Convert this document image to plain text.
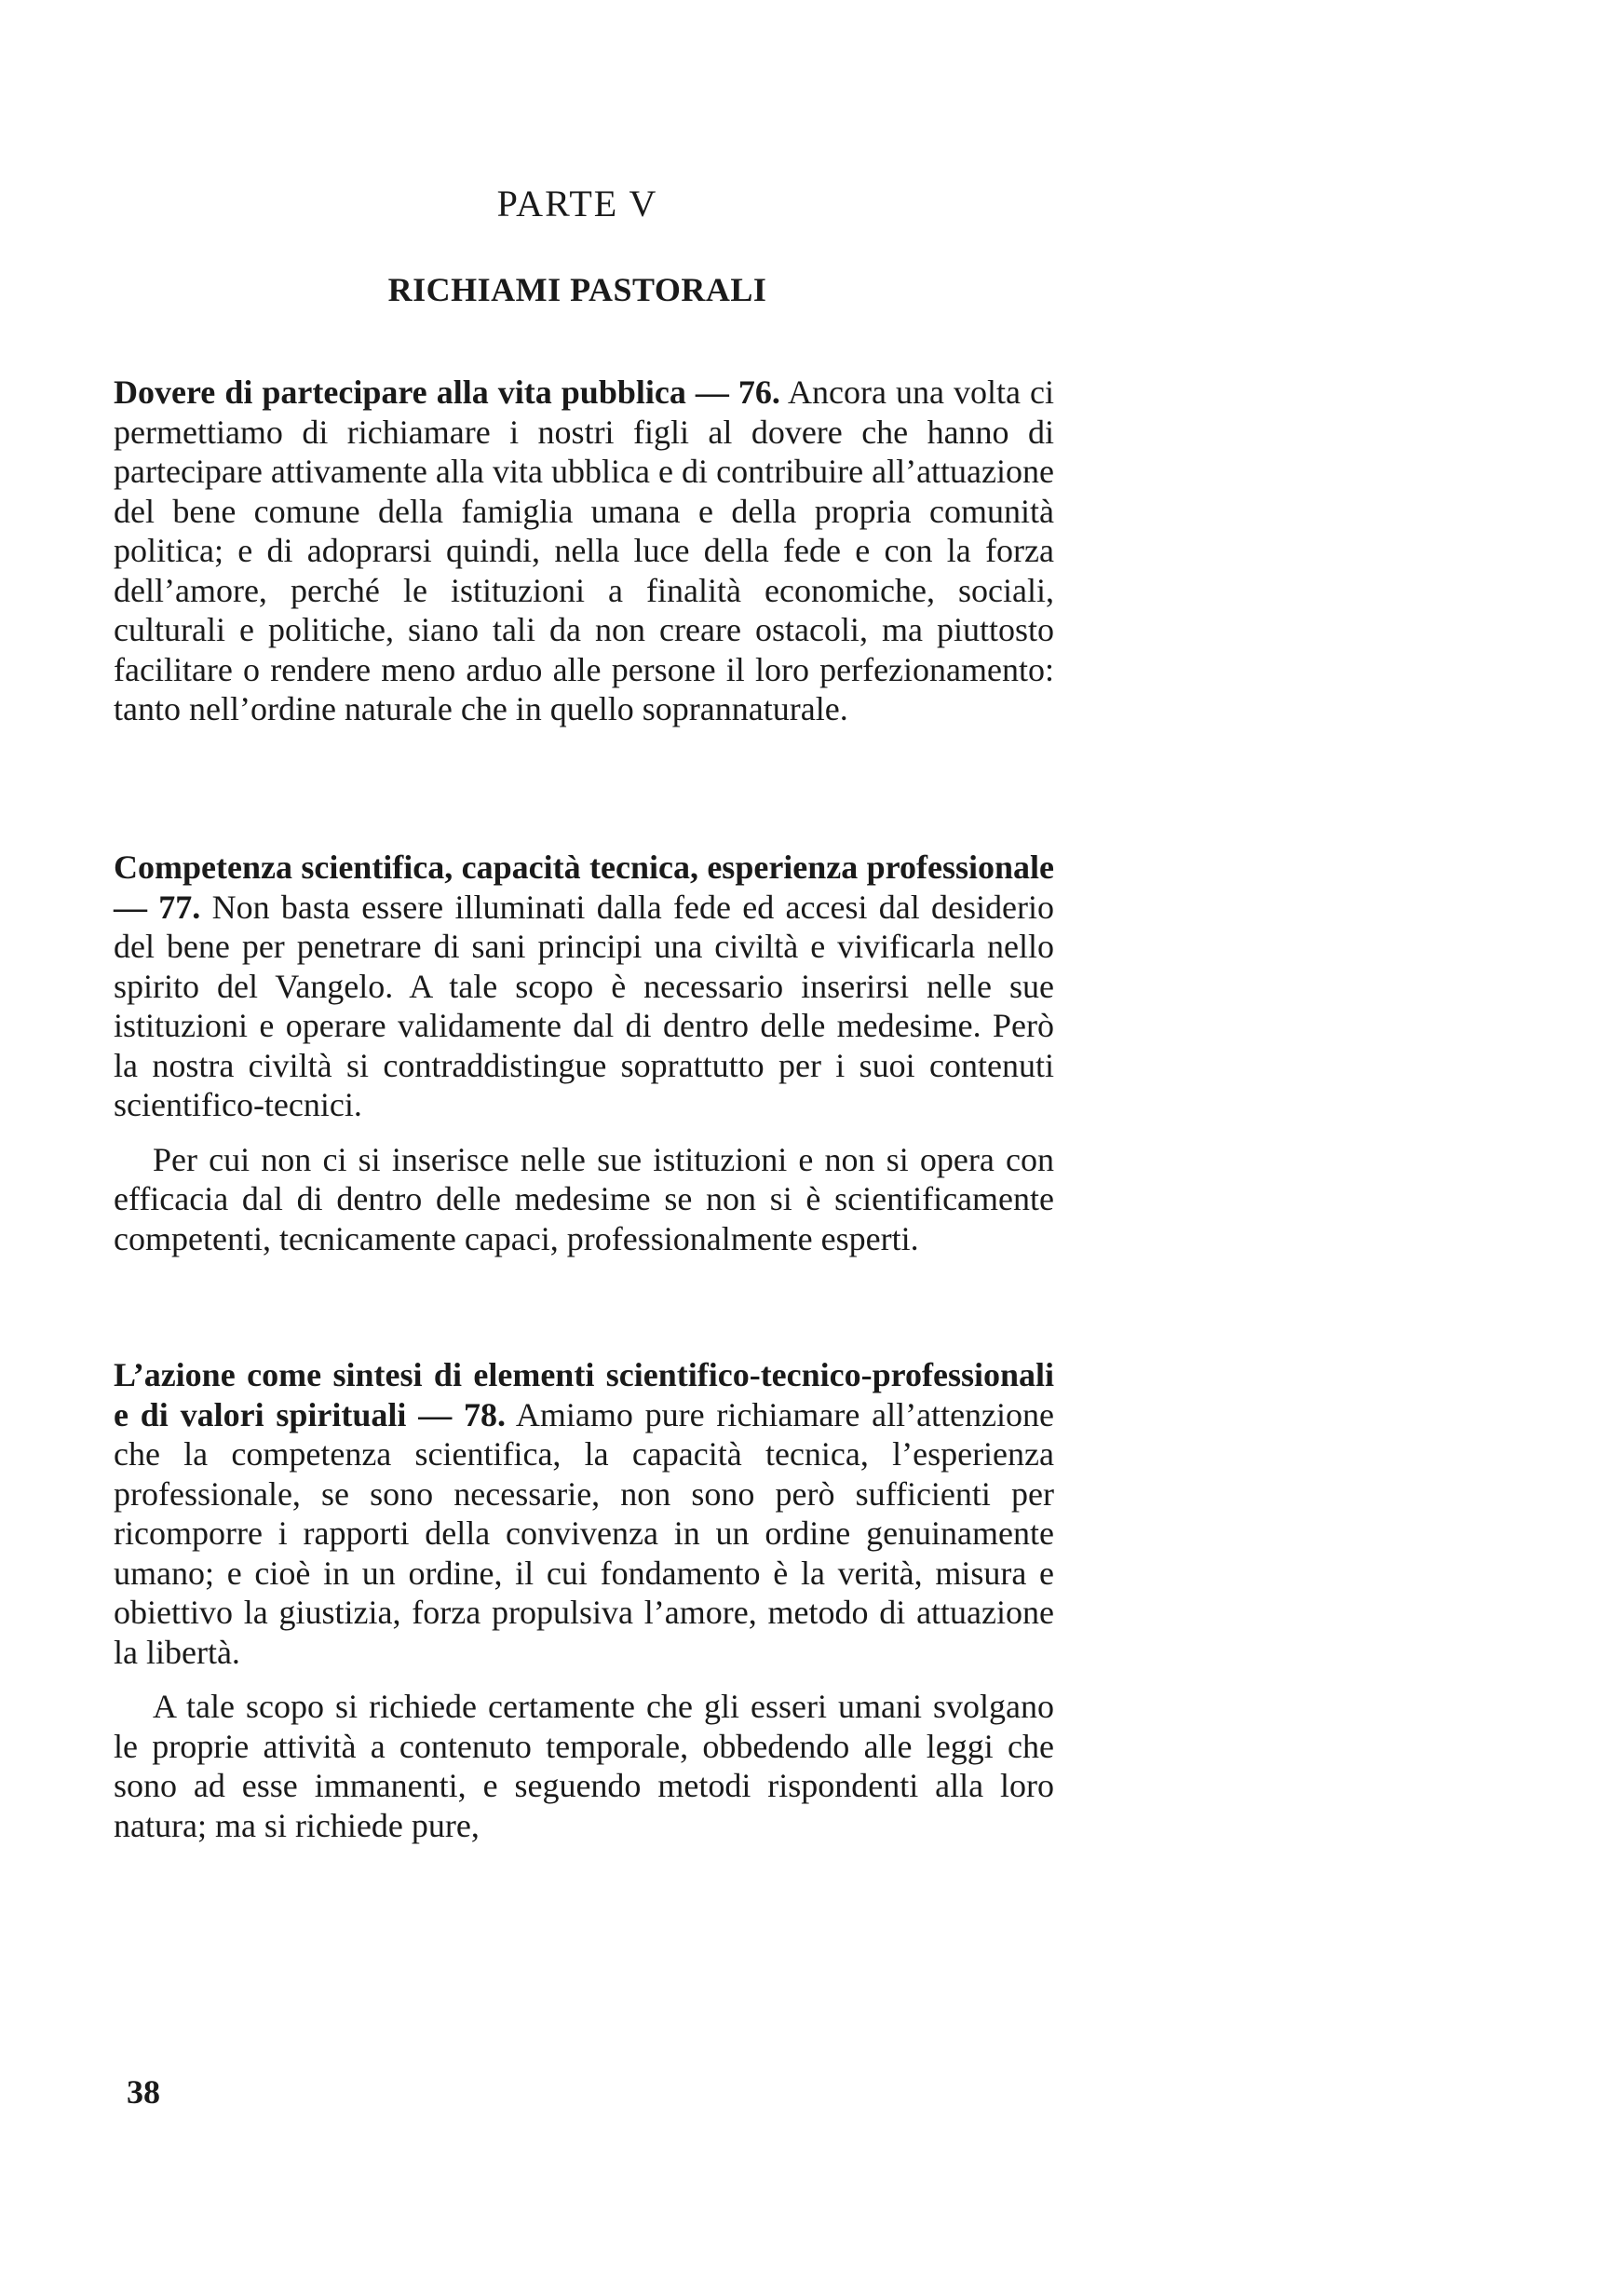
PARTE V
RICHIAMI PASTORALI

Dovere di partecipare alla vita pubblica — 76. Ancora una volta ci permettiamo di richiamare i nostri figli al dovere che hanno di partecipare attivamente alla vita ubblica e di contribuire all’attuazione del bene comune della famiglia umana e della propria comunità politica; e di adoprarsi quindi, nella luce della fede e con la forza dell’amore, perché le istituzioni a finalità economiche, sociali, culturali e politiche, siano tali da non creare ostacoli, ma piuttosto facilitare o rendere meno arduo alle persone il loro perfezionamento: tanto nell’ordine naturale che in quello soprannaturale.

Competenza scientifica, capacità tecnica, esperienza professionale — 77. Non basta essere illuminati dalla fede ed accesi dal desiderio del bene per penetrare di sani principi una civiltà e vivificarla nello spirito del Vangelo. A tale scopo è necessario inserirsi nelle sue istituzioni e operare validamente dal di dentro delle medesime. Però la nostra civiltà si contraddistingue soprattutto per i suoi contenuti scientifico-tecnici.

Per cui non ci si inserisce nelle sue istituzioni e non si opera con efficacia dal di dentro delle medesime se non si è scientificamente competenti, tecnicamente capaci, professionalmente esperti.

L’azione come sintesi di elementi scientifico-tecnico-professionali e di valori spirituali — 78. Amiamo pure richiamare all’attenzione che la competenza scientifica, la capacità tecnica, l’esperienza professionale, se sono necessarie, non sono però sufficienti per ricomporre i rapporti della convivenza in un ordine genuinamente umano; e cioè in un ordine, il cui fondamento è la verità, misura e obiettivo la giustizia, forza propulsiva l’amore, metodo di attuazione la libertà.

A tale scopo si richiede certamente che gli esseri umani svolgano le proprie attività a contenuto temporale, obbedendo alle leggi che sono ad esse immanenti, e seguendo metodi rispondenti alla loro natura; ma si richiede pure,

38
